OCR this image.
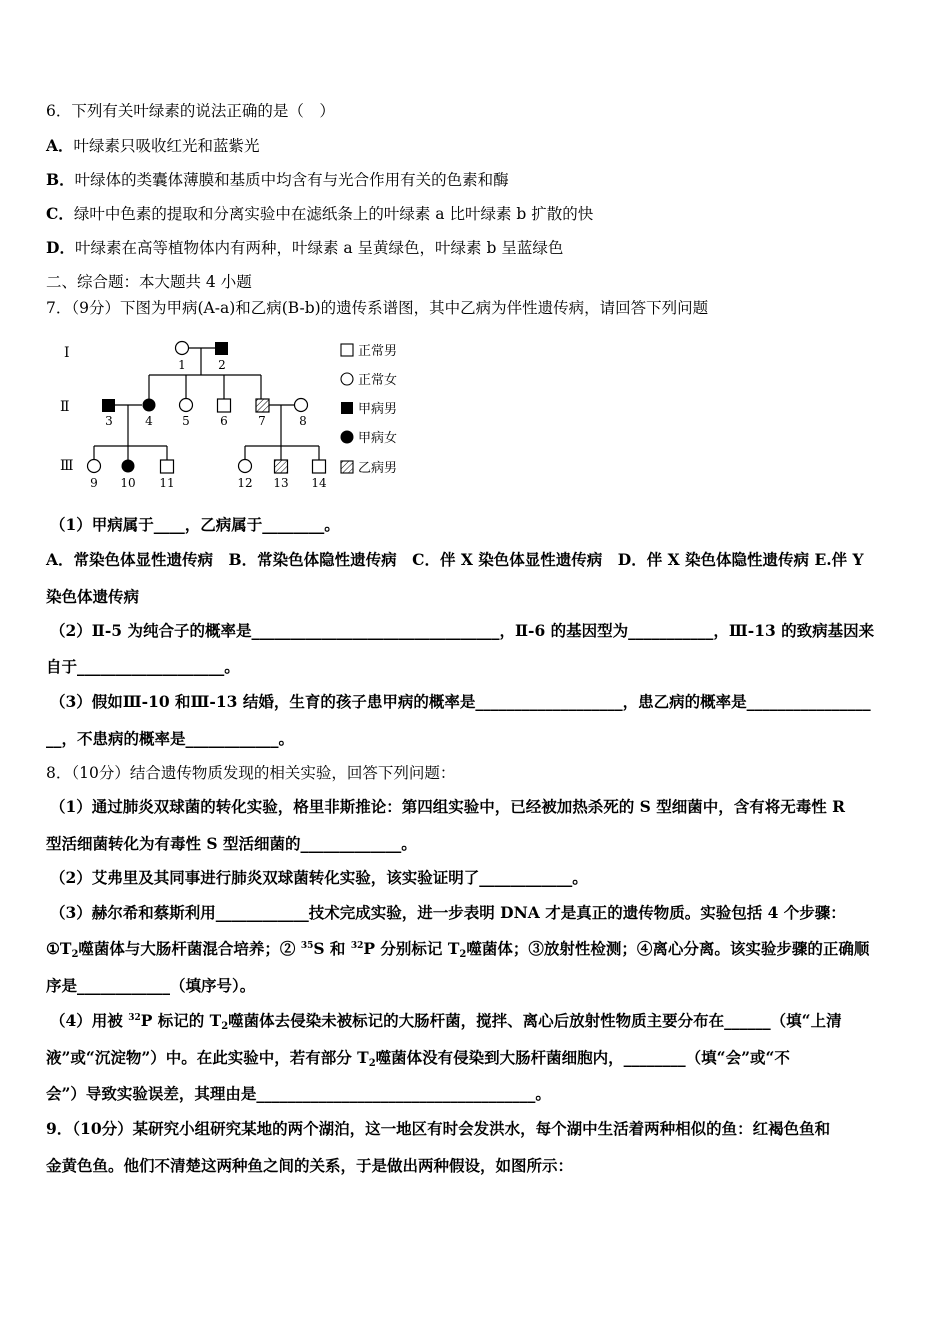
6．下列有关叶绿素的说法正确的是（　）
A．叶绿素只吸收红光和蓝紫光
B．叶绿体的类囊体薄膜和基质中均含有与光合作用有关的色素和酶
C．绿叶中色素的提取和分离实验中在滤纸条上的叶绿素 a 比叶绿素 b 扩散的快
D．叶绿素在高等植物体内有两种，叶绿素 a 呈黄绿色，叶绿素 b 呈蓝绿色
二、综合题：本大题共 4 小题
7．（9分）下图为甲病(A-a)和乙病(B-b)的遗传系谱图，其中乙病为伴性遗传病，请回答下列问题
Ⅰ
Ⅱ
Ⅲ
1	2
3	4 5	6	7	8
9 10 11	12 13 14
正常男
正常女
甲病男
甲病女
乙病男
（1）甲病属于____，乙病属于________。
A．常染色体显性遗传病　B．常染色体隐性遗传病　C．伴 X 染色体显性遗传病　D．伴 X 染色体隐性遗传病 E.伴 Y
染色体遗传病
（2）Ⅱ-5 为纯合子的概率是________________________________，Ⅱ-6 的基因型为___________，Ⅲ-13 的致病基因来
自于___________________。
（3）假如Ⅲ-10 和Ⅲ-13 结婚，生育的孩子患甲病的概率是___________________，患乙病的概率是________________
__，不患病的概率是____________。
8．（10分）结合遗传物质发现的相关实验，回答下列问题：
（1）通过肺炎双球菌的转化实验，格里非斯推论：第四组实验中，已经被加热杀死的 S 型细菌中，含有将无毒性 R
型活细菌转化为有毒性 S 型活细菌的_____________。
（2）艾弗里及其同事进行肺炎双球菌转化实验，该实验证明了____________。
（3）赫尔希和蔡斯利用____________技术完成实验，进一步表明 DNA 才是真正的遗传物质。实验包括 4 个步骤：
$①T_2$噬菌体与大肠杆菌混合培养；② $^{35}$S 和 $^{32}$P 分别标记 $T_2$噬菌体；③放射性检测；④离心分离。该实验步骤的正确顺
序是____________（填序号）。
（4）用被 $^{32}$P 标记的 $T_2$噬菌体去侵染未被标记的大肠杆菌，搅拌、离心后放射性物质主要分布在______（填“上清
液”或“沉淀物”）中。在此实验中，若有部分 $T_2$噬菌体没有侵染到大肠杆菌细胞内，________（填“会”或“不
会”）导致实验误差，其理由是____________________________________。
9．（10分）某研究小组研究某地的两个湖泊，这一地区有时会发洪水，每个湖中生活着两种相似的鱼：红褐色鱼和
金黄色鱼。他们不清楚这两种鱼之间的关系，于是做出两种假设，如图所示：
